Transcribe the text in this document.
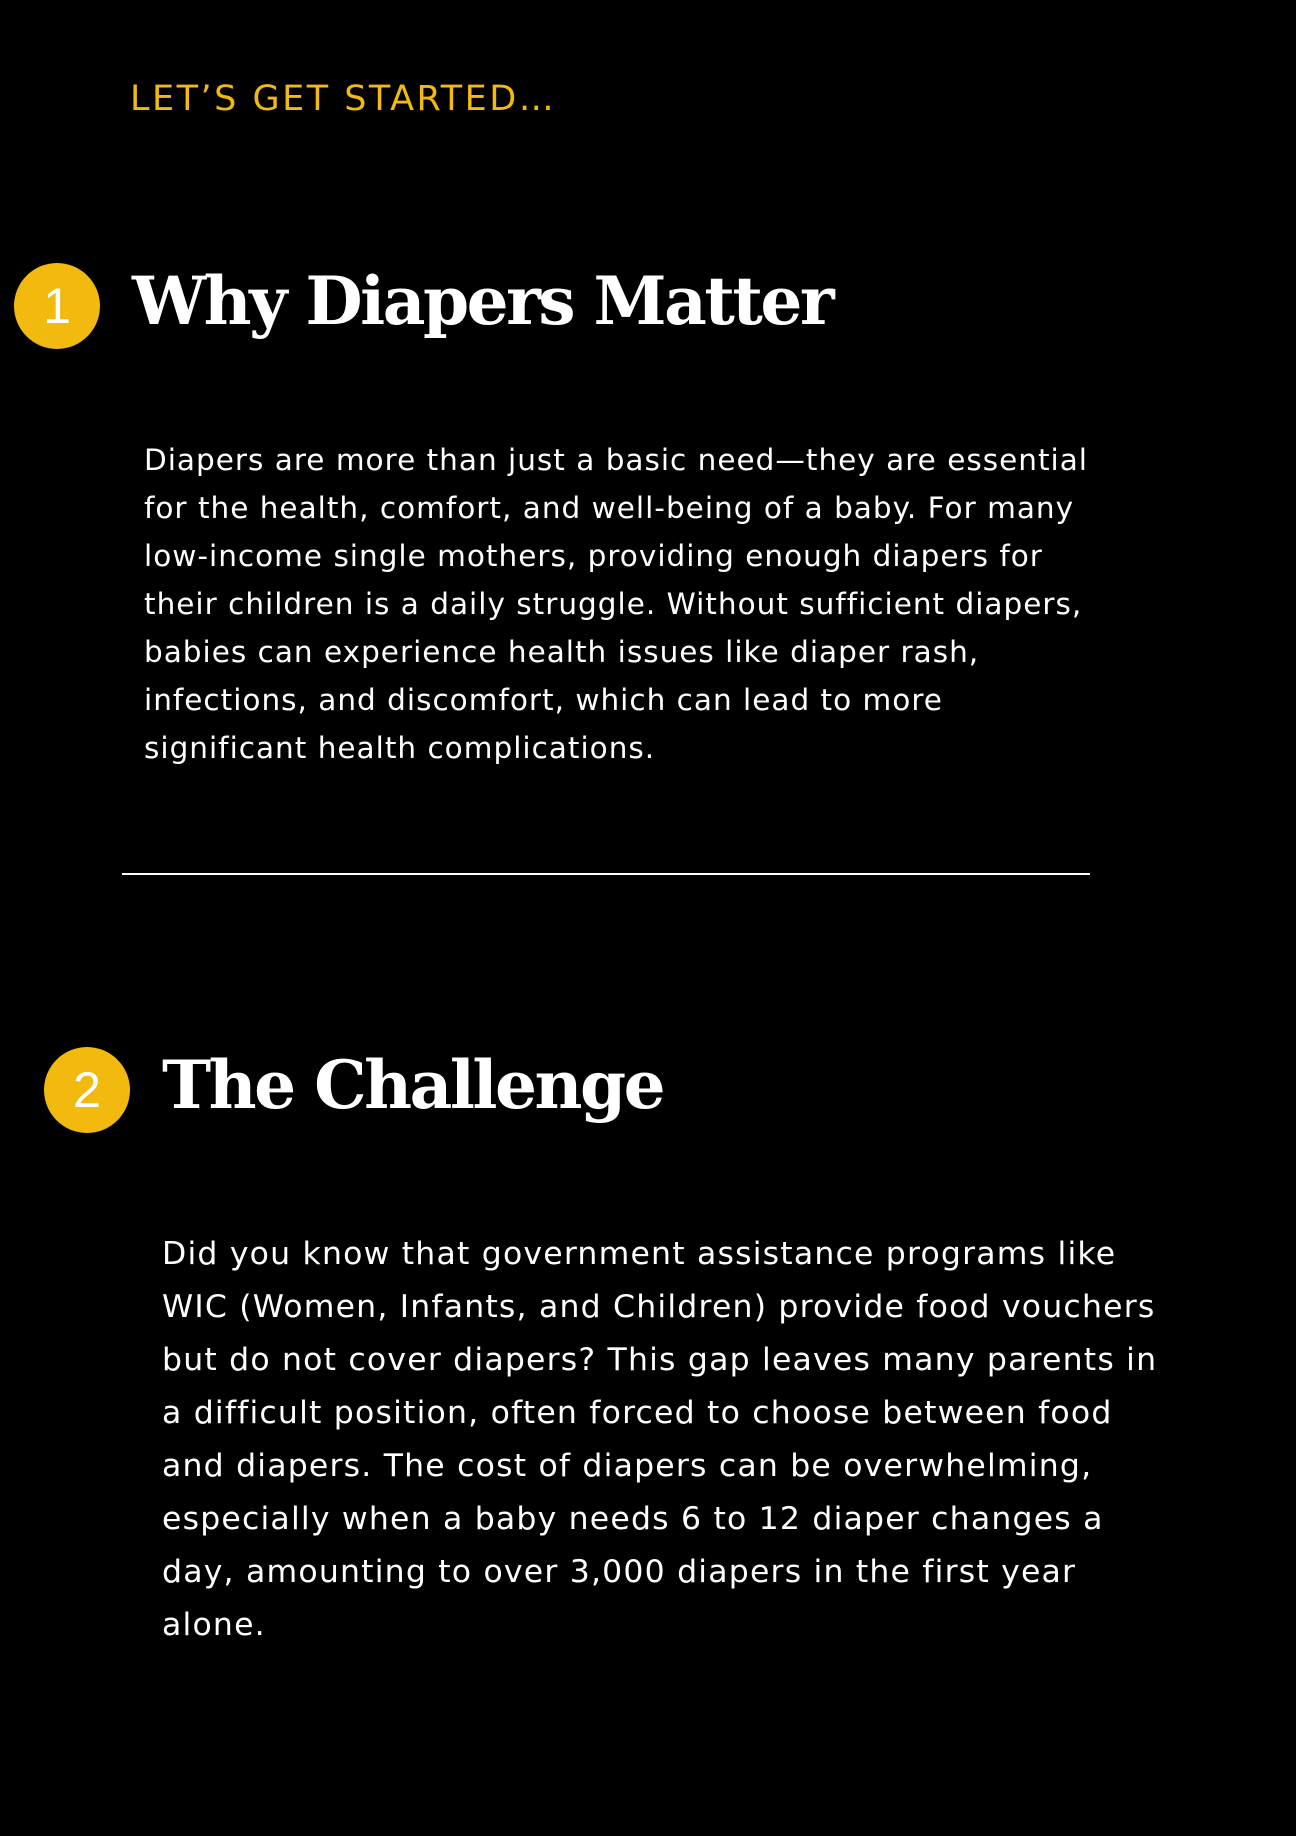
LET’S GET STARTED…
1 Why Diapers Matter

Diapers are more than just a basic need—they are essential for the health, comfort, and well-being of a baby. For many low-income single mothers, providing enough diapers for their children is a daily struggle. Without sufficient diapers, babies can experience health issues like diaper rash, infections, and discomfort, which can lead to more significant health complications.

2 The Challenge

Did you know that government assistance programs like WIC (Women, Infants, and Children) provide food vouchers but do not cover diapers? This gap leaves many parents in a difficult position, often forced to choose between food and diapers. The cost of diapers can be overwhelming, especially when a baby needs 6 to 12 diaper changes a day, amounting to over 3,000 diapers in the first year alone.
